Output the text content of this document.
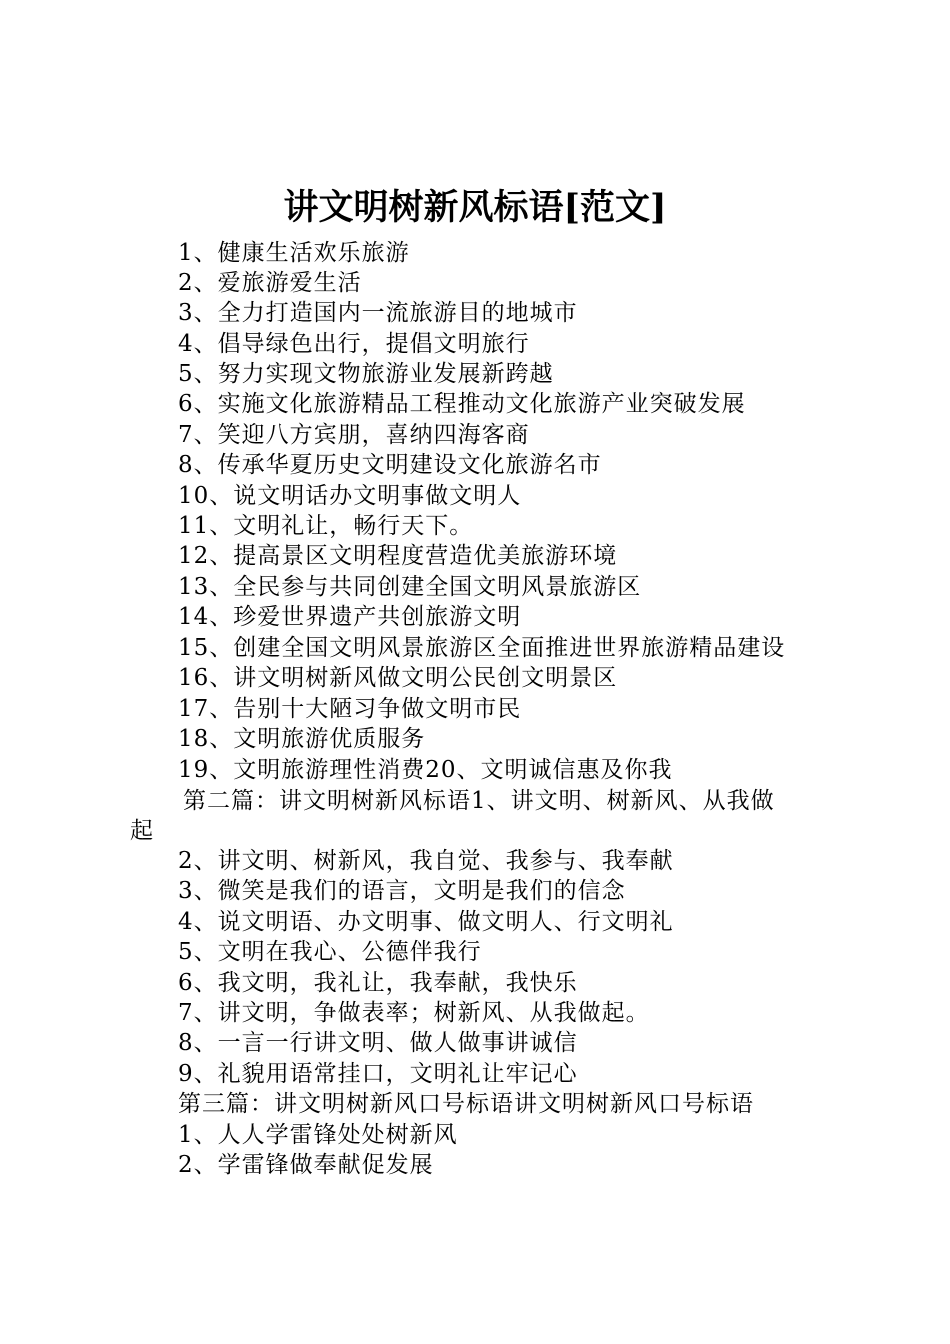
讲文明树新风标语[范文]
1、健康生活欢乐旅游
2、爱旅游爱生活
3、全力打造国内一流旅游目的地城市
4、倡导绿色出行，提倡文明旅行
5、努力实现文物旅游业发展新跨越
6、实施文化旅游精品工程推动文化旅游产业突破发展
7、笑迎八方宾朋，喜纳四海客商
8、传承华夏历史文明建设文化旅游名市
10、说文明话办文明事做文明人
11、文明礼让，畅行天下。
12、提高景区文明程度营造优美旅游环境
13、全民参与共同创建全国文明风景旅游区
14、珍爱世界遗产共创旅游文明
15、创建全国文明风景旅游区全面推进世界旅游精品建设
16、讲文明树新风做文明公民创文明景区
17、告别十大陋习争做文明市民
18、文明旅游优质服务
19、文明旅游理性消费20、文明诚信惠及你我
第二篇：讲文明树新风标语1、讲文明、树新风、从我做
起
2、讲文明、树新风，我自觉、我参与、我奉献
3、微笑是我们的语言，文明是我们的信念
4、说文明语、办文明事、做文明人、行文明礼
5、文明在我心、公德伴我行
6、我文明，我礼让，我奉献，我快乐
7、讲文明，争做表率；树新风、从我做起。
8、一言一行讲文明、做人做事讲诚信
9、礼貌用语常挂口，文明礼让牢记心
第三篇：讲文明树新风口号标语讲文明树新风口号标语
1、人人学雷锋处处树新风
2、学雷锋做奉献促发展
